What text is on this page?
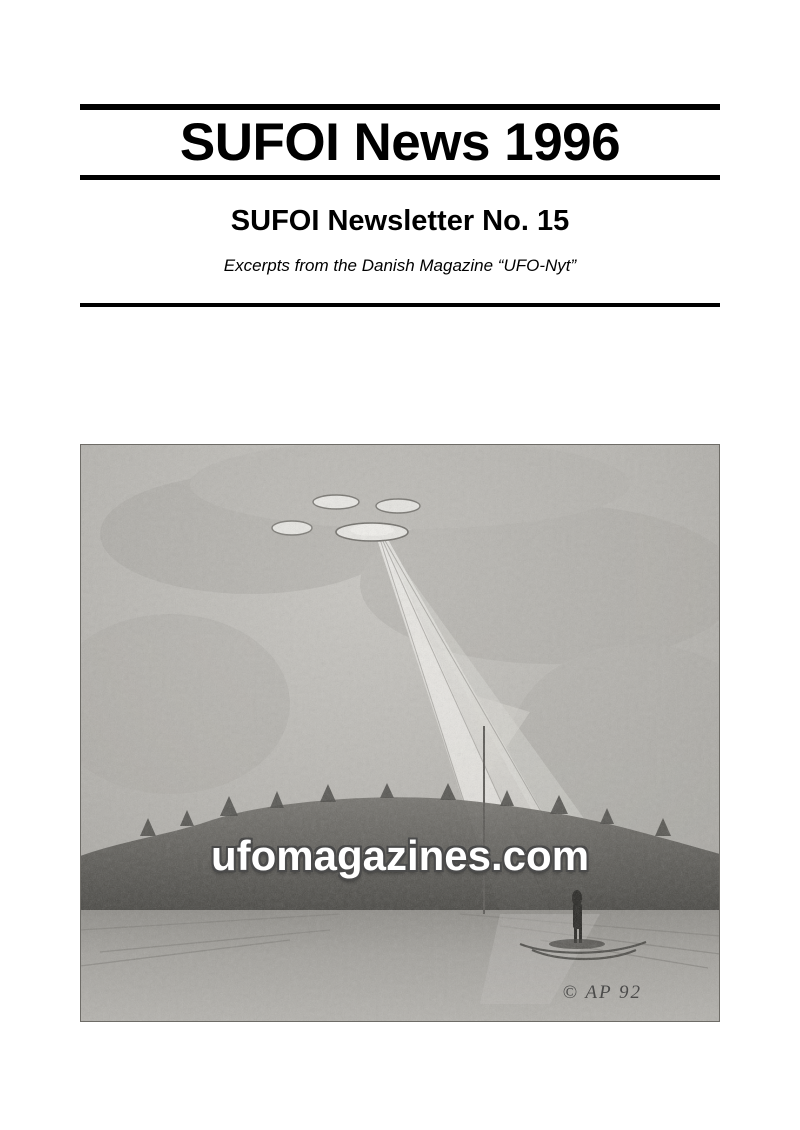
SUFOI News 1996
SUFOI Newsletter No. 15
Excerpts from the Danish Magazine “UFO-Nyt”
ufomagazines.com
© AP 92
